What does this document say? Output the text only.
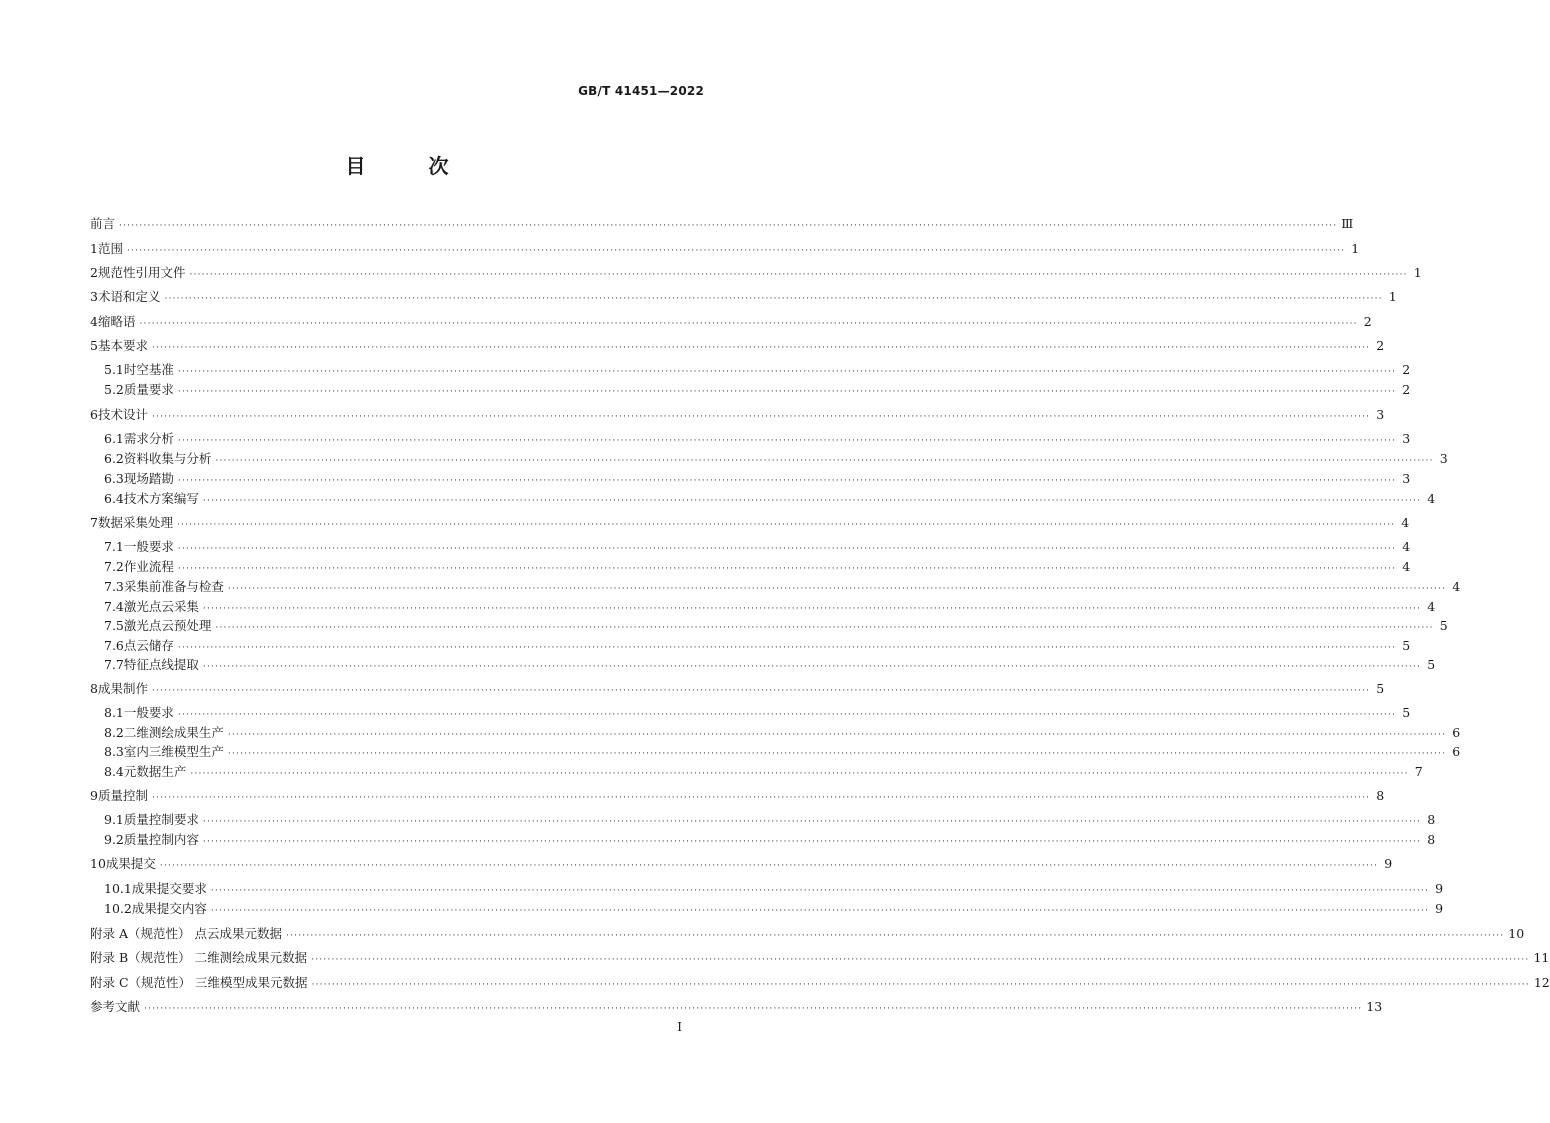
GB/T 41451—2022
目 次
前言 ············································································································································································································································································································ Ⅲ
1 范围 ············································································································································································································································································································ 1
2 规范性引用文件 ············································································································································································································································································································ 1
3 术语和定义 ············································································································································································································································································································ 1
4 缩略语 ············································································································································································································································································································ 2
5 基本要求 ············································································································································································································································································································ 2
5.1 时空基准 ············································································································································································································································································································ 2
5.2 质量要求 ············································································································································································································································································································ 2
6 技术设计 ············································································································································································································································································································ 3
6.1 需求分析 ············································································································································································································································································································ 3
6.2 资料收集与分析 ············································································································································································································································································································ 3
6.3 现场踏勘 ············································································································································································································································································································ 3
6.4 技术方案编写 ············································································································································································································································································································ 4
7 数据采集处理 ············································································································································································································································································································ 4
7.1 一般要求 ············································································································································································································································································································ 4
7.2 作业流程 ············································································································································································································································································································ 4
7.3 采集前准备与检查 ············································································································································································································································································································ 4
7.4 激光点云采集 ············································································································································································································································································································ 4
7.5 激光点云预处理 ············································································································································································································································································································ 5
7.6 点云储存 ············································································································································································································································································································ 5
7.7 特征点线提取 ············································································································································································································································································································ 5
8 成果制作 ············································································································································································································································································································ 5
8.1 一般要求 ············································································································································································································································································································ 5
8.2 二维测绘成果生产 ············································································································································································································································································································ 6
8.3 室内三维模型生产 ············································································································································································································································································································ 6
8.4 元数据生产 ············································································································································································································································································································ 7
9 质量控制 ············································································································································································································································································································ 8
9.1 质量控制要求 ············································································································································································································································································································ 8
9.2 质量控制内容 ············································································································································································································································································································ 8
10 成果提交 ············································································································································································································································································································ 9
10.1 成果提交要求 ············································································································································································································································································································ 9
10.2 成果提交内容 ············································································································································································································································································································ 9
附录 A（规范性） 点云成果元数据 ············································································································································································································································································································ 10
附录 B（规范性） 二维测绘成果元数据 ············································································································································································································································································································ 11
附录 C（规范性） 三维模型成果元数据 ············································································································································································································································································································ 12
参考文献 ············································································································································································································································································································ 13
I
